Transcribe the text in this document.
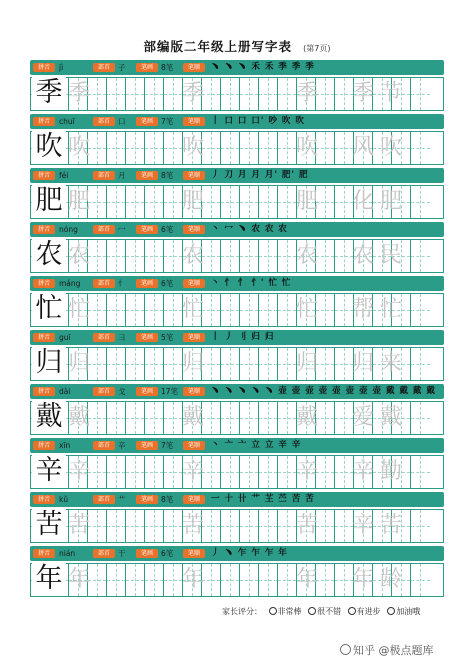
部编版二年级上册写字表 (第7页)
拼音	jì	部首	子	笔画	8笔	笔顺	﹅ ﹅ ﹅ 禾 禾 季 季 季
季 季	季	季	季 节
拼音	chuī	部首	口	笔画	7笔	笔顺	丨 口 口 口' 吵 吹 吹
吹 吹	吹	吹	风 吹
拼音	féi	部首	月	笔画	8笔	笔顺	丿 刀 月 月 月' 肥' 肥
肥 肥	肥	肥	化 肥
拼音	nóng	部首	冖	笔画	6笔	笔顺	丶 冖 ﹅ 农 农 农
农 农	农	农	农 民
拼音	máng	部首	忄	笔画	6笔	笔顺	丶 忄 忄 忄' 忙 忙
忙 忙	忙	忙	帮 忙
拼音	guī	部首	彐	笔画	5笔	笔顺	丨 丿 刂 归 归
归 归	归	归	归 来
拼音	dài	部首	戈	笔画	17笔	笔顺	﹅ ﹅ ﹅ ﹅ ﹅ 壶 壶 壶 壶 壶 壶 壶 壶 戴 戴 戴 戴
戴 戴	戴	戴	爱 戴
拼音	xīn	部首	辛	笔画	7笔	笔顺	丶 亠 亠 立 立 辛 辛
辛 辛	辛	辛	辛 勤
拼音	kǔ	部首	艹	笔画	8笔	笔顺	一 十 卄 艹 芏 苎 苦 苦
苦 苦	苦	苦	辛 苦
拼音	nián	部首	干	笔画	6笔	笔顺	丿 ﹅ 乍 乍 乍 年
年 年	年	年	年 龄
家长评分： 非常棒 很不错 有进步 加油哦
知乎 @极点题库
